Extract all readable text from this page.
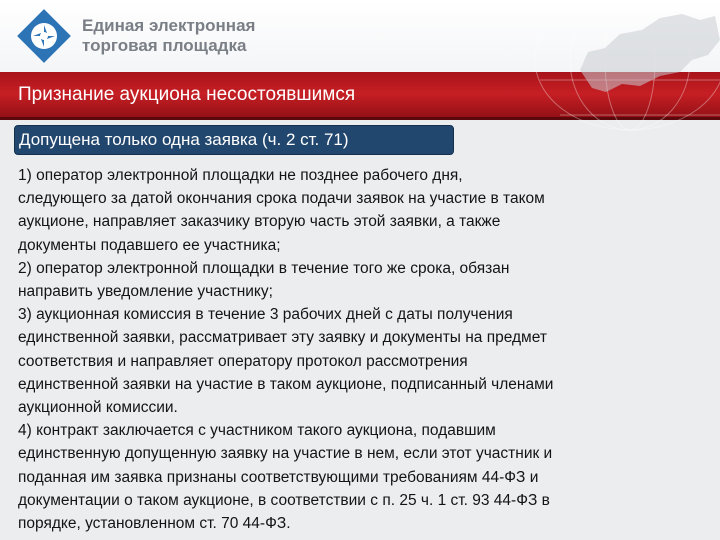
Единая электронная
торговая площадка
Признание аукциона несостоявшимся
Допущена только одна заявка (ч. 2 ст. 71)
1) оператор электронной площадки не позднее рабочего дня,
следующего за датой окончания срока подачи заявок на участие в таком
аукционе, направляет заказчику вторую часть этой заявки, а также
документы подавшего ее участника;
2) оператор электронной площадки в течение того же срока, обязан
направить уведомление участнику;
3) аукционная комиссия в течение 3 рабочих дней с даты получения
единственной заявки, рассматривает эту заявку и документы на предмет
соответствия и направляет оператору протокол рассмотрения
единственной заявки на участие в таком аукционе, подписанный членами
аукционной комиссии.
4) контракт заключается с участником такого аукциона, подавшим
единственную допущенную заявку на участие в нем, если этот участник и
поданная им заявка признаны соответствующими требованиям 44-ФЗ и
документации о таком аукционе, в соответствии с п. 25 ч. 1 ст. 93 44-ФЗ в
порядке, установленном ст. 70 44-ФЗ.
